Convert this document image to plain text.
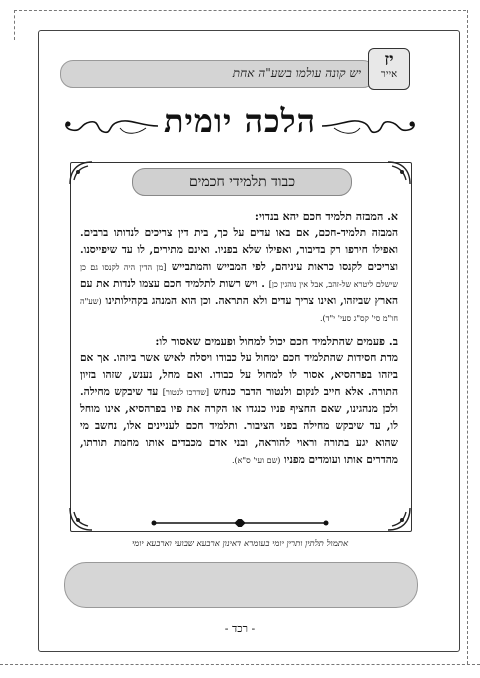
יש קונה עולמו בשע"ה אחת
יז
אייר
הלכה יומית
כבוד תלמידי חכמים

א. המבזה תלמיד חכם יהא בנדוי:
המבזה תלמיד-חכם, אם באו עדים על כך, בית דין צריכים לנדותו ברבים. ואפילו חירפו רק בדיבור, ואפילו שלא בפניו. ואינם מתירים, לו עד שיפייסנו. וצריכים לקנסו כראות עיניהם, לפי המבייש והמתבייש [מן הדין היה לקנסו גם כן שישלם ליטרא של-זהב, אבל אין נוהגין כן] . ויש רשות לתלמיד חכם עצמו לנדות את עם הארץ שביזהו, ואינו צריך עדים ולא התראה. וכן הוא המנהג בקהילותינו (שע"ה חו"מ סי' קס"ג סעי' י"ד).

ב. פעמים שהתלמיד חכם יכול למחול ופעמים שאסור לו:
מדת חסידות שהתלמיד חכם ימחול על כבודו ויסלח לאיש אשר ביזהו. אך אם ביזהו בפרהסיא, אסור לו למחול על כבודו. ואם מחל, נענש, שזהו בזיון התורה. אלא חייב לנקום ולנטור הדבר כנחש [שדרכו לנטור] עד שיבקש מחילה. ולכן מנהגינו, שאם החציף פניו כנגדו או הקרה את פיו בפרהסיא, אינו מוחל לו, עד שיבקש מחילה בפני הציבור. ותלמיד חכם לעניינים אלו, נחשב מי שהוא יגע בתורה וראוי להוראה, ובני אדם מכבדים אותו מחמת תורתו, מהדרים אותו ועומדים מפניו (שם ועי' ס"א).

אתמול תלתין ותרין יומי בעומרא דאינון ארבעא שבועי וארבעא יומי
- רכד -
